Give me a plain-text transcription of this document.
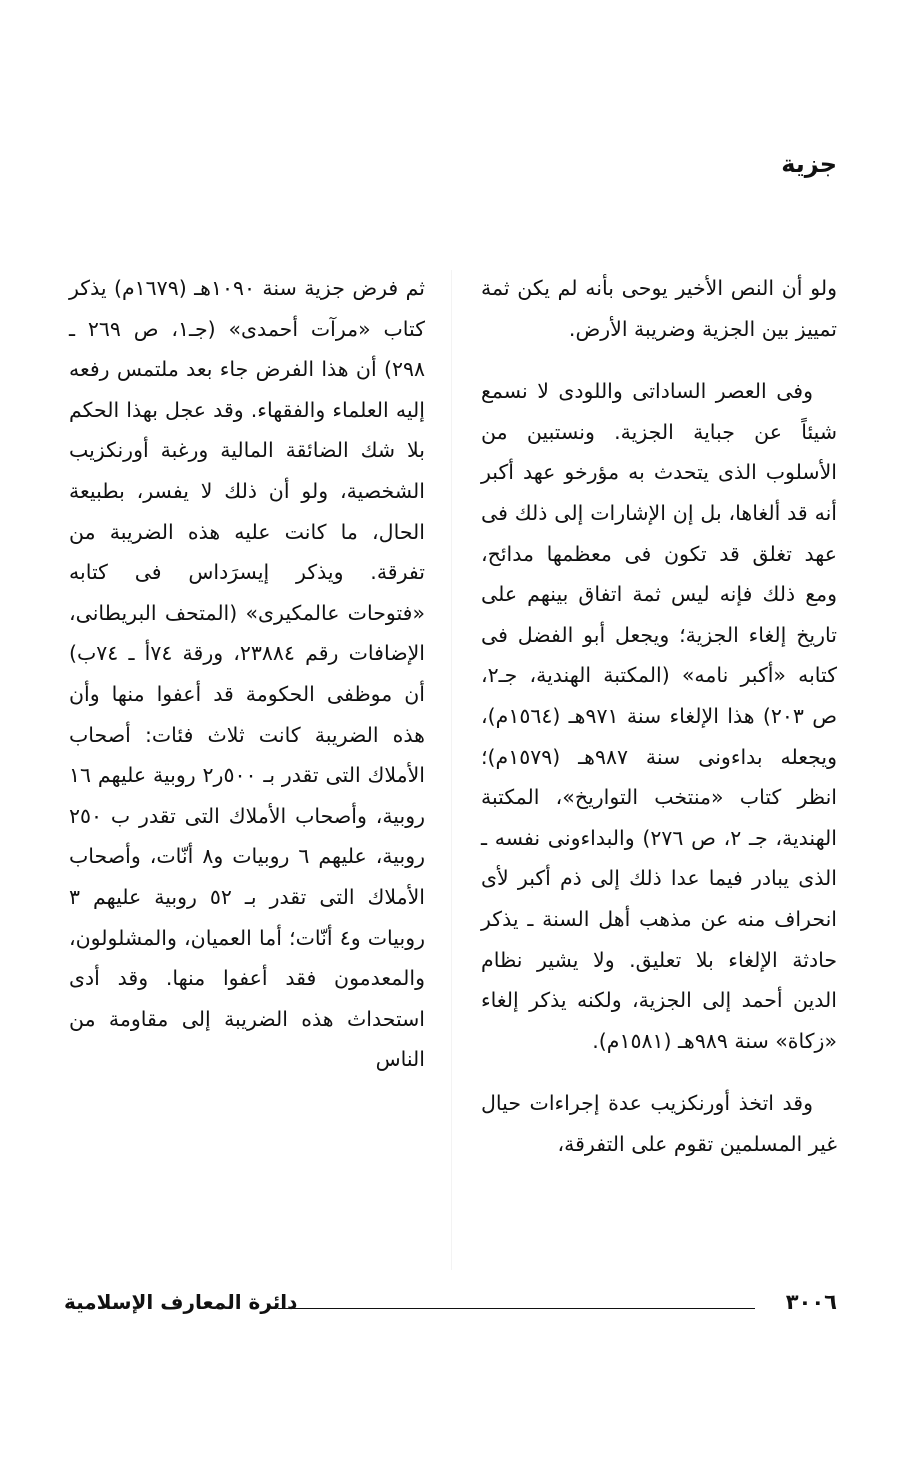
جزية

ولو أن النص الأخير يوحى بأنه لم يكن ثمة تمييز بين الجزية وضريبة الأرض.

وفى العصر الساداتى واللودى لا نسمع شيئاً عن جباية الجزية. ونستبين من الأسلوب الذى يتحدث به مؤرخو عهد أكبر أنه قد ألغاها، بل إن الإشارات إلى ذلك فى عهد تغلق قد تكون فى معظمها مدائح، ومع ذلك فإنه ليس ثمة اتفاق بينهم على تاريخ إلغاء الجزية؛ ويجعل أبو الفضل فى كتابه «أكبر نامه» (المكتبة الهندية، جـ٢، ص ٢٠٣) هذا الإلغاء سنة ٩٧١هـ (١٥٦٤م)، ويجعله بداءونى سنة ٩٨٧هـ (١٥٧٩م)؛ انظر كتاب «منتخب التواريخ»، المكتبة الهندية، جـ ٢، ص ٢٧٦) والبداءونى نفسه ـ الذى يبادر فيما عدا ذلك إلى ذم أكبر لأى انحراف منه عن مذهب أهل السنة ـ يذكر حادثة الإلغاء بلا تعليق. ولا يشير نظام الدين أحمد إلى الجزية، ولكنه يذكر إلغاء «زكاة» سنة ٩٨٩هـ (١٥٨١م).

وقد اتخذ أورنكزيب عدة إجراءات حيال غير المسلمين تقوم على التفرقة،

ثم فرض جزية سنة ١٠٩٠هـ (١٦٧٩م) يذكر كتاب «مرآت أحمدى» (جـ١، ص ٢٦٩ ـ ٢٩٨) أن هذا الفرض جاء بعد ملتمس رفعه إليه العلماء والفقهاء. وقد عجل بهذا الحكم بلا شك الضائقة المالية ورغبة أورنكزيب الشخصية، ولو أن ذلك لا يفسر، بطبيعة الحال، ما كانت عليه هذه الضريبة من تفرقة. ويذكر إيسرَداس فى كتابه «فتوحات عالمكيرى» (المتحف البريطانى، الإضافات رقم ٢٣٨٨٤، ورقة ٧٤أ ـ ٧٤ب) أن موظفى الحكومة قد أعفوا منها وأن هذه الضريبة كانت ثلاث فئات: أصحاب الأملاك التى تقدر بـ ٥٠٠ر٢ روبية عليهم ١٦ روبية، وأصحاب الأملاك التى تقدر ب ٢٥٠ روبية، عليهم ٦ روبيات و٨ أنّات، وأصحاب الأملاك التى تقدر بـ ٥٢ روبية عليهم ٣ روبيات و٤ أنّات؛ أما العميان، والمشلولون، والمعدمون فقد أعفوا منها. وقد أدى استحداث هذه الضريبة إلى مقاومة من الناس

دائرة المعارف الإسلامية	٣٠٠٦
